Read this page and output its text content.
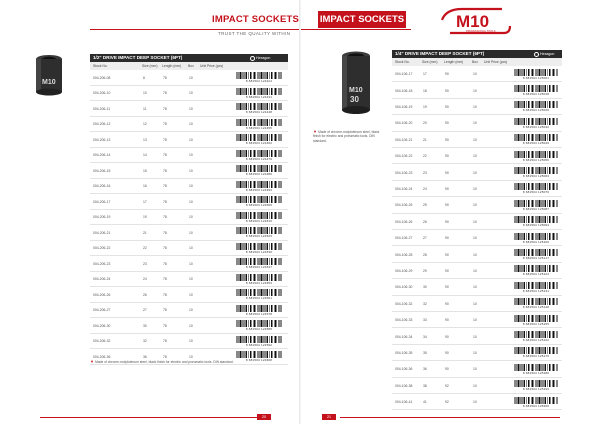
IMPACT SOCKETS IMPACT SOCKETS
TRUST THE QUALITY WITHIN
M10
PROFESSIONAL TOOLS
M10
M10
30
1/2" DRIVE IMPACT DEEP SOCKET (6PT)	Hexagon
Stock No.	Size (mm) Length (mm) Box Unit Price (pcs)
004-206-08	8	78	10
8 681504 124424
004-206-10	10	78	10
8 681504 124431
004-206-11	11	78	10
8 681504 124448
004-206-12	12	78	10
8 681504 124455
004-206-13	13	78	10
8 681504 124462
004-206-14	14	78	10
8 681504 124479
004-206-15	15	78	10
8 681504 124486
004-206-16	16	78	10
8 681504 124493
004-206-17	17	78	10
8 681504 124509
004-206-19	19	78	10
8 681504 124516
004-206-21	21	78	10
8 681504 124523
004-206-22	22	78	10
8 681504 124530
004-206-23	23	78	10
8 681504 124547
004-206-24	24	78	10
8 681504 124554
004-206-26	26	78	10
8 681504 124561
004-206-27	27	78	10
8 681504 124578
004-206-30	30	78	10
8 681504 124585
004-206-32	32	78	10
8 681504 124592
004-206-36	36	78	10
8 681504 124608
▼ Made of chrome-molybdenum steel, black finish for electric and pneumatic tools. DIN standard.
1/4" DRIVE IMPACT DEEP SOCKET (6PT)	Hexagon
Stock No.	Size (mm) Length (mm)	Box Unit Price (pcs)
004-106-17	17	90	10
8 681504 125001
004-106-18	18	90	10
8 681504 125018
004-106-19	19	90	10
8 681504 125025
004-106-20	20	90	10
8 681504 125032
004-106-21	21	90	10
8 681504 125049
004-106-22	22	90	10
8 681504 125056
004-106-23	23	90	10
8 681504 125063
004-106-24	24	90	10
8 681504 125070
004-106-25	25	90	10
8 681504 125087
004-106-26	26	90	10
8 681504 125094
004-106-27	27	90	10
8 681504 125100
004-106-28	28	90	10
8 681504 125117
004-106-29	29	90	10
8 681504 125124
004-106-30	30	90	10
8 681504 125131
004-106-32	32	90	10
8 681504 125148
004-106-33	33	90	10
8 681504 125155
004-106-34	34	90	10
8 681504 125162
004-106-35	35	90	10
8 681504 125179
004-106-36	36	90	10
8 681504 125186
004-106-38	38	92	10
8 681504 125193
004-106-41	41	92	10
8 681504 125209
▼ Made of chrome-molybdenum steel, black finish for electric and pneumatic tools. DIN standard.
20	21
